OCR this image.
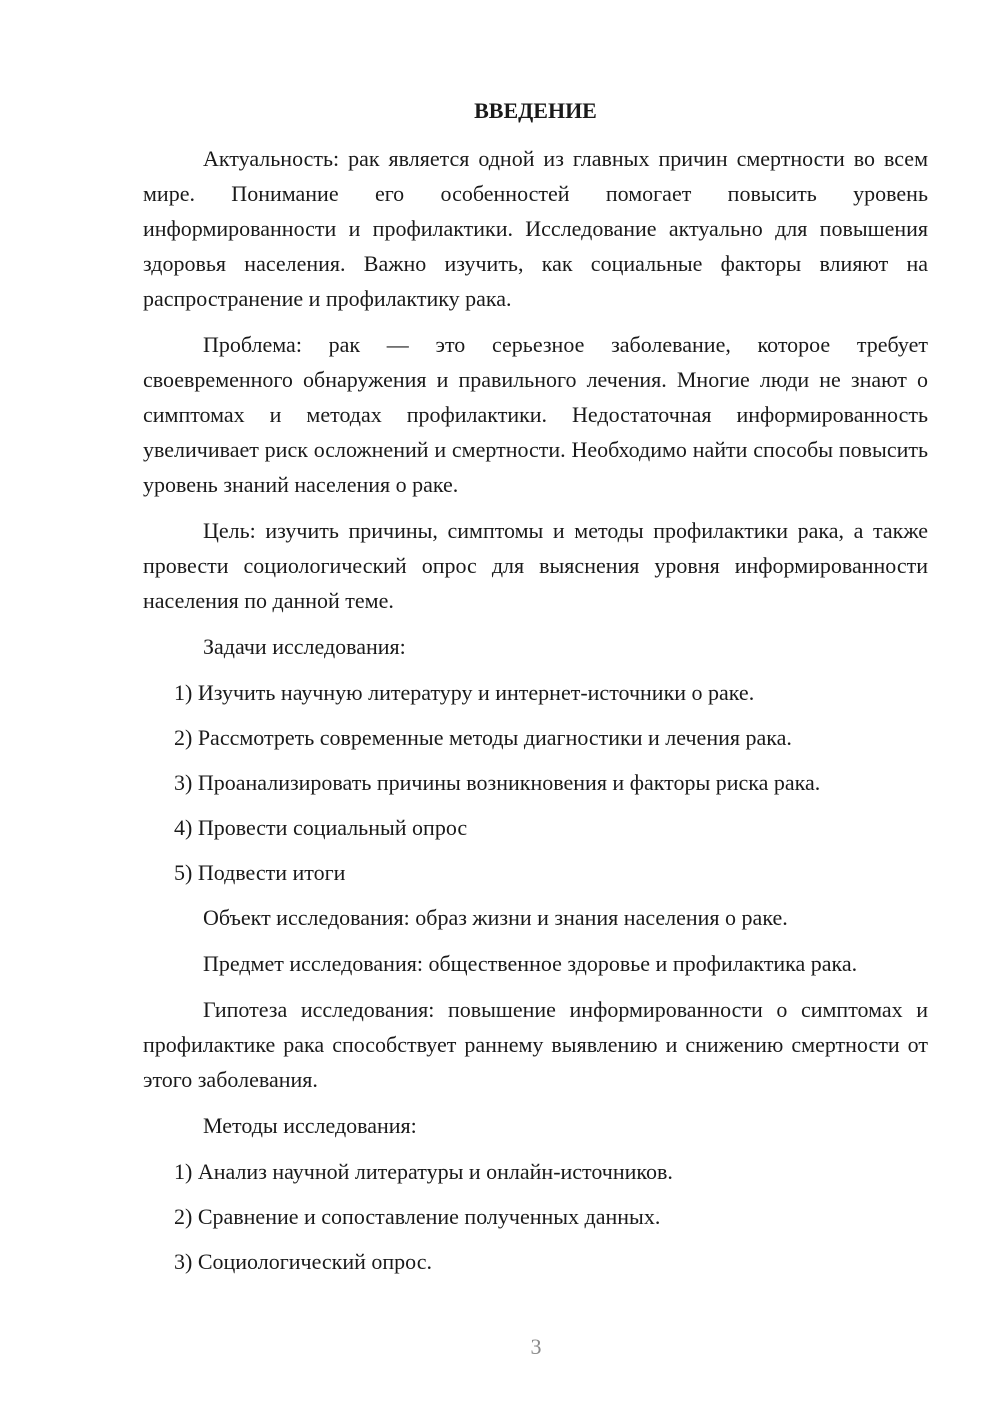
ВВЕДЕНИЕ

Актуальность: рак является одной из главных причин смертности во всем мире. Понимание его особенностей помогает повысить уровень информированности и профилактики. Исследование актуально для повышения здоровья населения. Важно изучить, как социальные факторы влияют на распространение и профилактику рака.

Проблема: рак — это серьезное заболевание, которое требует своевременного обнаружения и правильного лечения. Многие люди не знают о симптомах и методах профилактики. Недостаточная информированность увеличивает риск осложнений и смертности. Необходимо найти способы повысить уровень знаний населения о раке.

Цель: изучить причины, симптомы и методы профилактики рака, а также провести социологический опрос для выяснения уровня информированности населения по данной теме.

Задачи исследования:

1) Изучить научную литературу и интернет-источники о раке.

2) Рассмотреть современные методы диагностики и лечения рака.

3) Проанализировать причины возникновения и факторы риска рака.

4) Провести социальный опрос

5) Подвести итоги

Объект исследования: образ жизни и знания населения о раке.

Предмет исследования: общественное здоровье и профилактика рака.

Гипотеза исследования: повышение информированности о симптомах и профилактике рака способствует раннему выявлению и снижению смертности от этого заболевания.

Методы исследования:

1) Анализ научной литературы и онлайн-источников.

2) Сравнение и сопоставление полученных данных.

3) Социологический опрос.

3
